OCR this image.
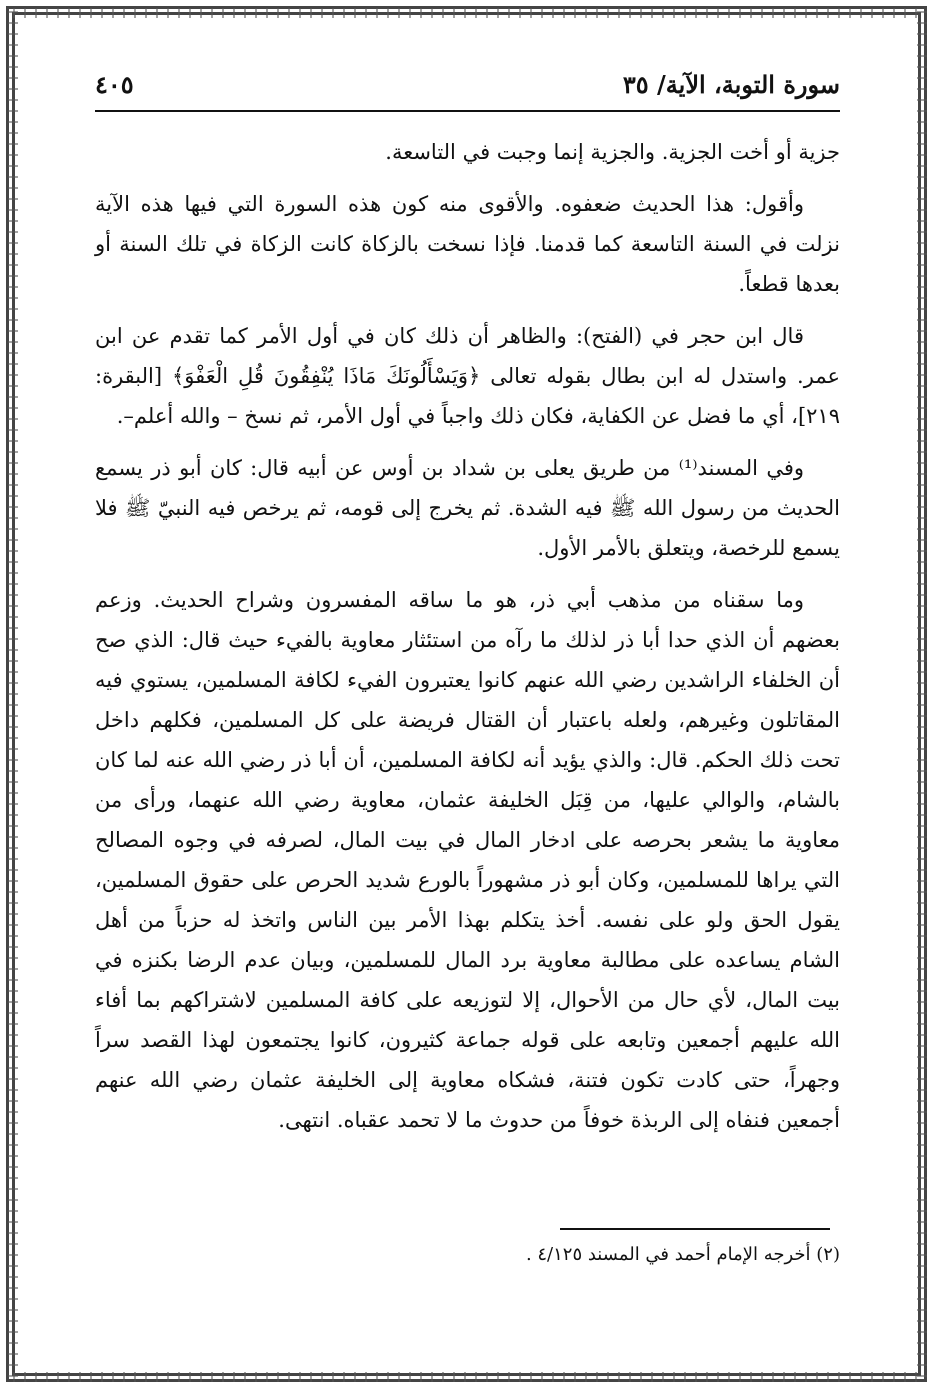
سورة التوبة، الآية/ ٣٥
٤٠٥

جزية أو أخت الجزية. والجزية إنما وجبت في التاسعة.

وأقول: هذا الحديث ضعفوه. والأقوى منه كون هذه السورة التي فيها هذه الآية نزلت في السنة التاسعة كما قدمنا. فإذا نسخت بالزكاة كانت الزكاة في تلك السنة أو بعدها قطعاً.

قال ابن حجر في (الفتح): والظاهر أن ذلك كان في أول الأمر كما تقدم عن ابن عمر. واستدل له ابن بطال بقوله تعالى ﴿وَيَسْأَلُونَكَ مَاذَا يُنْفِقُونَ قُلِ الْعَفْوَ﴾ [البقرة: ٢١٩]، أي ما فضل عن الكفاية، فكان ذلك واجباً في أول الأمر، ثم نسخ – والله أعلم–.

وفي المسند⁽¹⁾ من طريق يعلى بن شداد بن أوس عن أبيه قال: كان أبو ذر يسمع الحديث من رسول الله ﷺ فيه الشدة. ثم يخرج إلى قومه، ثم يرخص فيه النبيّ ﷺ فلا يسمع للرخصة، ويتعلق بالأمر الأول.

وما سقناه من مذهب أبي ذر، هو ما ساقه المفسرون وشراح الحديث. وزعم بعضهم أن الذي حدا أبا ذر لذلك ما رآه من استئثار معاوية بالفيء حيث قال: الذي صح أن الخلفاء الراشدين رضي الله عنهم كانوا يعتبرون الفيء لكافة المسلمين، يستوي فيه المقاتلون وغيرهم، ولعله باعتبار أن القتال فريضة على كل المسلمين، فكلهم داخل تحت ذلك الحكم. قال: والذي يؤيد أنه لكافة المسلمين، أن أبا ذر رضي الله عنه لما كان بالشام، والوالي عليها، من قِبَل الخليفة عثمان، معاوية رضي الله عنهما، ورأى من معاوية ما يشعر بحرصه على ادخار المال في بيت المال، لصرفه في وجوه المصالح التي يراها للمسلمين، وكان أبو ذر مشهوراً بالورع شديد الحرص على حقوق المسلمين، يقول الحق ولو على نفسه. أخذ يتكلم بهذا الأمر بين الناس واتخذ له حزباً من أهل الشام يساعده على مطالبة معاوية برد المال للمسلمين، وبيان عدم الرضا بكنزه في بيت المال، لأي حال من الأحوال، إلا لتوزيعه على كافة المسلمين لاشتراكهم بما أفاء الله عليهم أجمعين وتابعه على قوله جماعة كثيرون، كانوا يجتمعون لهذا القصد سراً وجهراً، حتى كادت تكون فتنة، فشكاه معاوية إلى الخليفة عثمان رضي الله عنهم أجمعين فنفاه إلى الربذة خوفاً من حدوث ما لا تحمد عقباه. انتهى.

(٢) أخرجه الإمام أحمد في المسند ٤/١٢٥ .
